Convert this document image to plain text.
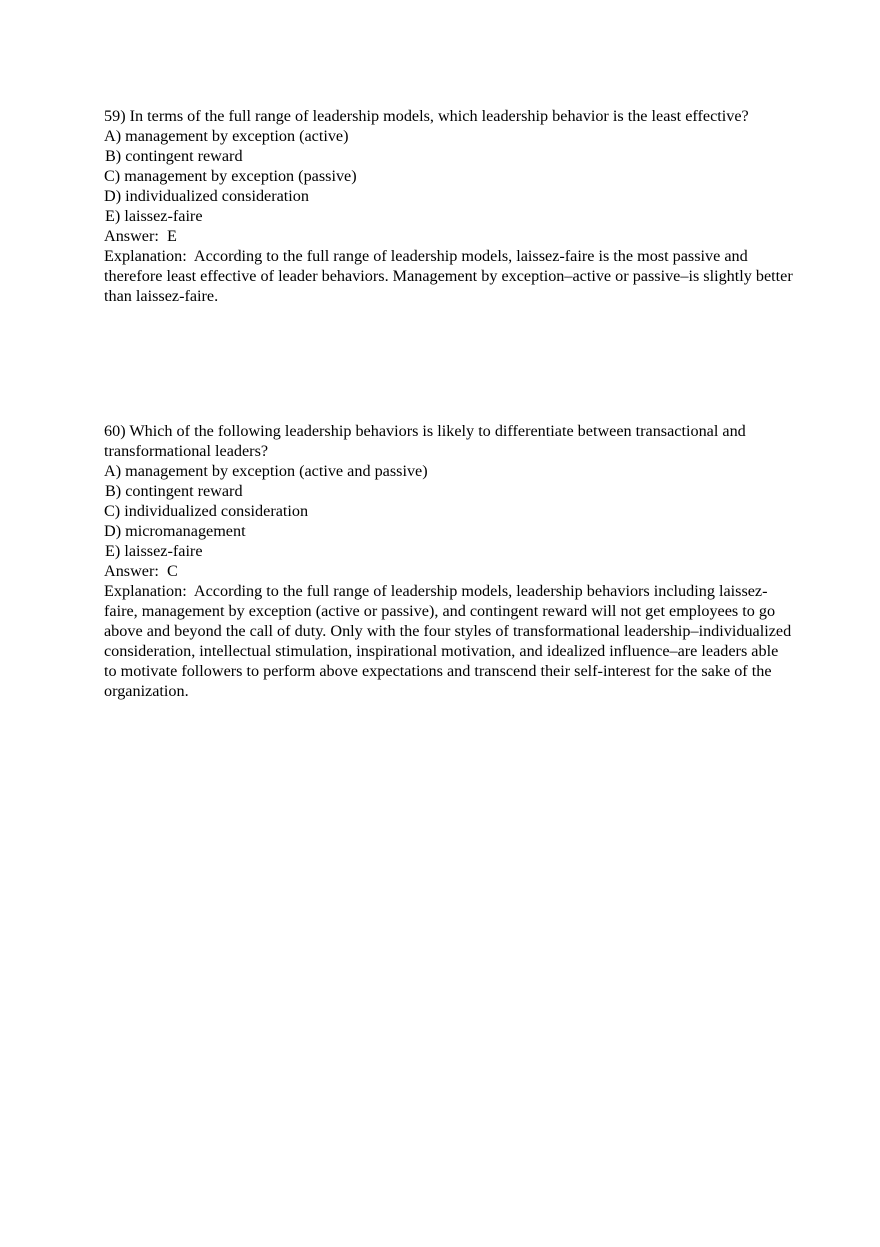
59) In terms of the full range of leadership models, which leadership behavior is the least effective?
A) management by exception (active)
B) contingent reward
C) management by exception (passive)
D) individualized consideration
E) laissez-faire
Answer: E
Explanation: According to the full range of leadership models, laissez-faire is the most passive and therefore least effective of leader behaviors. Management by exception–active or passive–is slightly better than laissez-faire.
60) Which of the following leadership behaviors is likely to differentiate between transactional and transformational leaders?
A) management by exception (active and passive)
B) contingent reward
C) individualized consideration
D) micromanagement
E) laissez-faire
Answer: C
Explanation: According to the full range of leadership models, leadership behaviors including laissez-faire, management by exception (active or passive), and contingent reward will not get employees to go above and beyond the call of duty. Only with the four styles of transformational leadership–individualized consideration, intellectual stimulation, inspirational motivation, and idealized influence–are leaders able to motivate followers to perform above expectations and transcend their self-interest for the sake of the organization.
